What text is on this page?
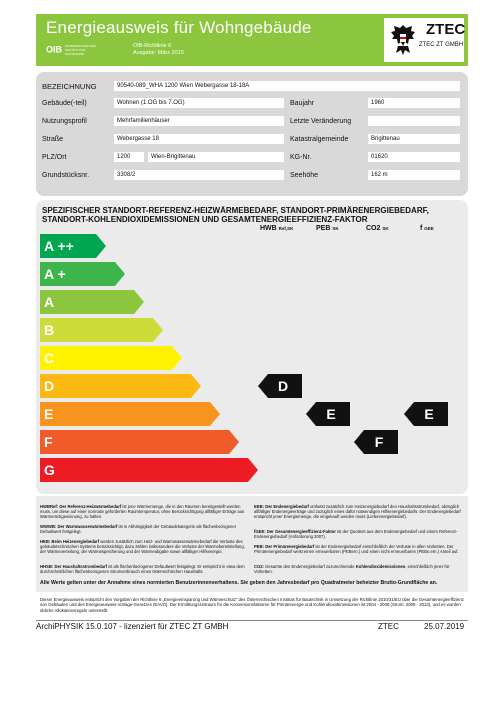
Energieausweis für Wohngebäude
OIB ÖSTERREICHISCHES INSTITUT FÜR BAUTECHNIK
OIB-Richtlinie 6
Ausgabe: März 2015
ZTEC
ZTEC ZT GMBH
BEZEICHNUNG	90540-089_WHA 1200 Wien Webergasse 18-18A
Gebäude(-teil)	Wohnen (1.OG bis 7.OG)	Baujahr	1960
Nutzungsprofil	Mehrfamilienhäuser	Letzte Veränderung
Straße	Webergasse 18	Katastralgemeinde	Brigittenau
PLZ/Ort	1200	Wien-Brigittenau	KG-Nr.	01620
Grundstücksnr.	3308/2	Seehöhe	162 m
SPEZIFISCHER STANDORT-REFERENZ-HEIZWÄRMEBEDARF, STANDORT-PRIMÄRENERGIEBEDARF, STANDORT-KOHLENDIOXIDEMISSIONEN UND GESAMTENERGIEEFFIZIENZ-FAKTOR
HWB Ref,SK	PEB SK	CO2 SK	f GEE
A ++
A +
A
B
C
D
E
F
G
D
E
F
E
HWBRef: Der Referenz-Heizwärmebedarf ist jene Wärmemenge, die in den Räumen bereitgestellt werden muss, um diese auf einer normativ geforderten Raumtemperatur, ohne Berücksichtigung allfälliger Erträge aus Wärmerückgewinnung, zu halten.
WWWB: Der Warmwasserwärmebedarf ist in Abhängigkeit der Gebäudekategorie als flächenbezogener Defaultwert festgelegt.
HEB: Beim Heizenergiebedarf werden zusätzlich zum Heiz- und Warmwasserwärmebedarf die Verluste des gebäudetechnischen Systems berücksichtigt, dazu zählen insbesondere die Verluste der Wärmebereitstellung, der Wärmeverteilung, der Wärmespeicherung und der Wärmeabgabe sowie allfälliger Hilfsenergie.
HHSB: Der Haushaltsstrombedarf ist als flächenbezogener Defaultwert festgelegt. Er entspricht in etwa dem durchschnittlichen flächenbezogenen Stromverbrauch eines österreichischen Haushalts.
EEB: Der Endenergiebedarf umfasst zusätzlich zum Heizenergiebedarf den Haushaltsstrombedarf, abzüglich allfälliger Endenergieerträge und zuzüglich eines dafür notwendigen Hilfsenergiebedarfs. Der Endenergiebedarf entspricht jener Energiemenge, die eingekauft werden muss (Lieferenergiebedarf).
fGEE: Der Gesamtenergieeffizienz-Faktor ist der Quotient aus dem Endenergiebedarf und einem Referenz-Endenergiebedarf (Anforderung 2007).
PEB: Der Primärenergiebedarf ist der Endenergiebedarf einschließlich der Verluste in allen Vorketten. Der Primärenergiebedarf weist einen erneuerbaren (PEBern.) und einen nicht erneuerbaren (PEBn.ern.) Anteil auf.
CO2: Gesamte den Endenergiebedarf zuzurechnende Kohlendioxidemissionen, einschließlich jener für Vorketten.
Alle Werte gelten unter der Annahme eines normierten Benutzerinnenverhaltens. Sie geben den Jahresbedarf pro Quadratmeter beheizter Brutto-Grundfläche an.
Dieser Energieausweis entspricht den Vorgaben der Richtlinie 6 „Energieeinsparung und Wärmeschutz“ des Österreichischen Instituts für Bautechnik in Umsetzung der Richtlinie 2010/31/EU über die Gesamtenergieeffizienz von Gebäuden und des Energieausweis-Vorlage-Gesetzes (EAVG). Der Ermittlungszeitraum für die Konversionsfaktoren für Primärenergie und Kohlendioxidemissionen ist 2004 - 2008 (Strom: 2009 - 2013), und es wurden übliche Allokationsregeln unterstellt.
ArchiPHYSIK 15.0.107 - lizenziert für ZTEC ZT GMBH	ZTEC	25.07.2019
